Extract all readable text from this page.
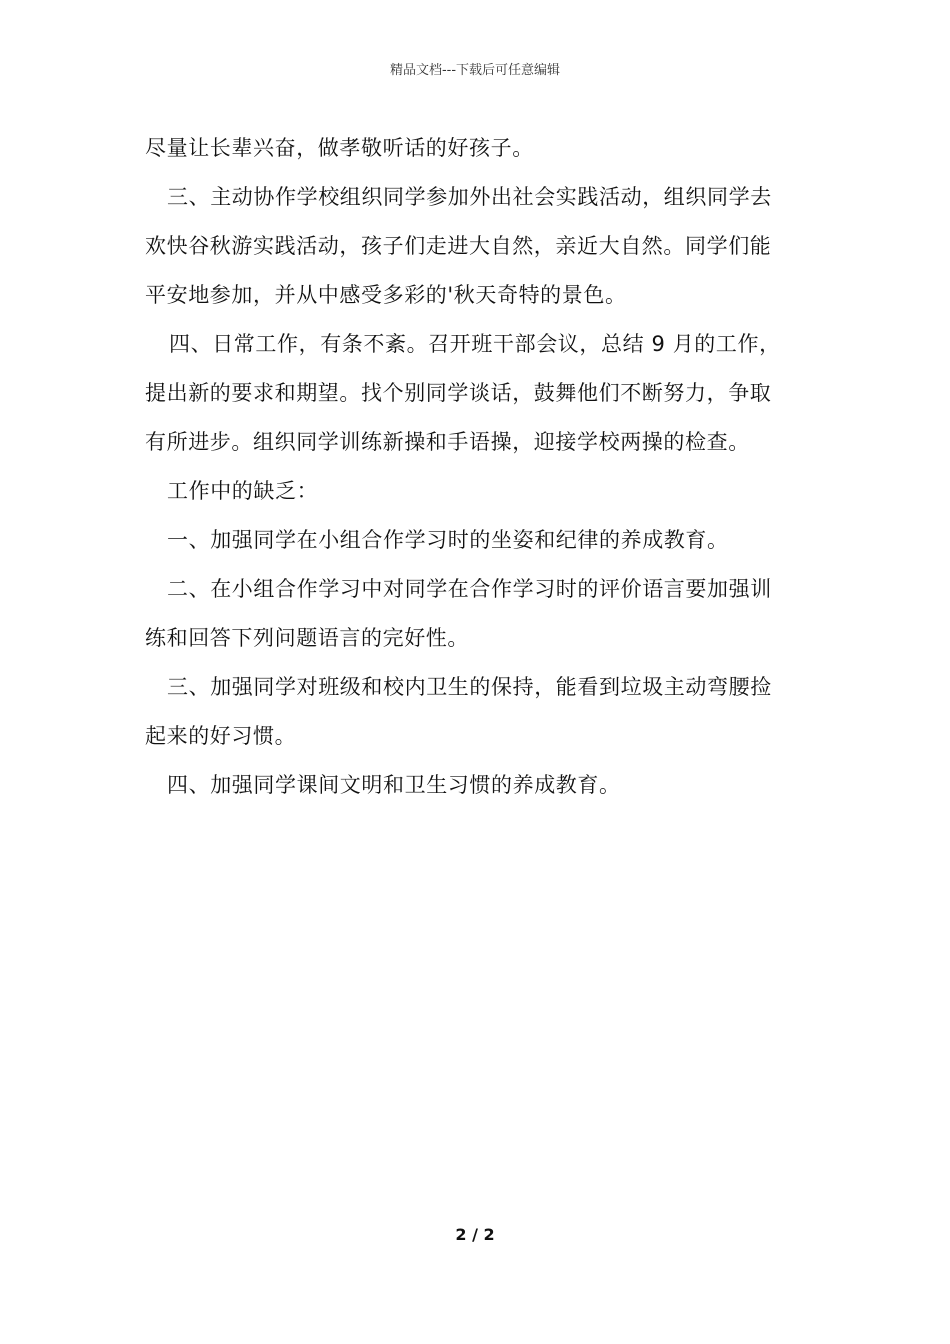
精品文档---下载后可任意编辑

尽量让长辈兴奋，做孝敬听话的好孩子。

三、主动协作学校组织同学参加外出社会实践活动，组织同学去

欢快谷秋游实践活动，孩子们走进大自然，亲近大自然。同学们能

平安地参加，并从中感受多彩的'秋天奇特的景色。

四、日常工作，有条不紊。召开班干部会议，总结 9 月的工作，

提出新的要求和期望。找个别同学谈话，鼓舞他们不断努力，争取

有所进步。组织同学训练新操和手语操，迎接学校两操的检查。

工作中的缺乏：

一、加强同学在小组合作学习时的坐姿和纪律的养成教育。

二、在小组合作学习中对同学在合作学习时的评价语言要加强训

练和回答下列问题语言的完好性。

三、加强同学对班级和校内卫生的保持，能看到垃圾主动弯腰捡

起来的好习惯。

四、加强同学课间文明和卫生习惯的养成教育。

2 / 2
